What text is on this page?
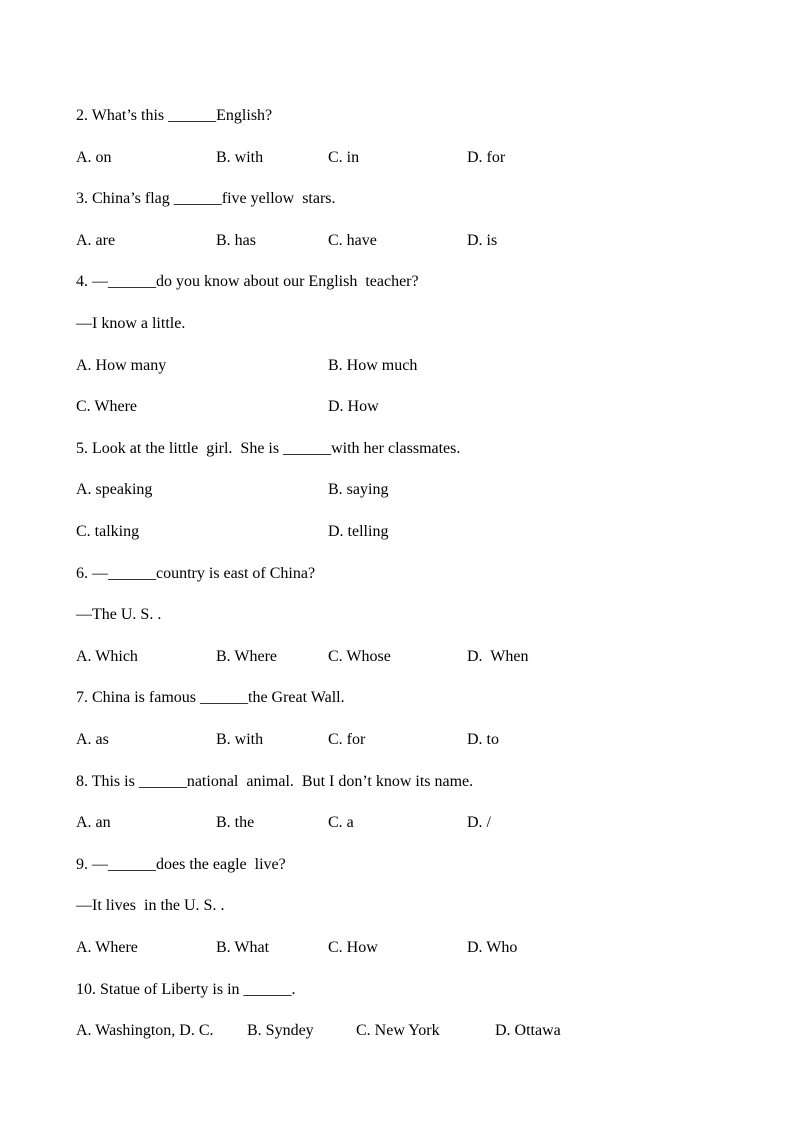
2. What’s this ______English?
A. on	B. with	C. in	D. for
3. China’s flag ______five yellow  stars.
A. are	B. has	C. have	D. is
4. —______do you know about our English  teacher?
—I know a little.
A. How many	B. How much
C. Where	D. How
5. Look at the little  girl.  She is ______with her classmates.
A. speaking	B. saying
C. talking	D. telling
6. —______country is east of China?
—The U. S. .
A. Which	B. Where	C. Whose	D.  When
7. China is famous ______the Great Wall.
A. as	B. with	C. for	D. to
8. This is ______national  animal.  But I don’t know its name.
A. an	B. the	C. a	D. /
9. —______does the eagle  live?
—It lives  in the U. S. .
A. Where	B. What	C. How	D. Who
10. Statue of Liberty is in ______.
A. Washington, D. C. B. Syndey	C. New York	D. Ottawa
